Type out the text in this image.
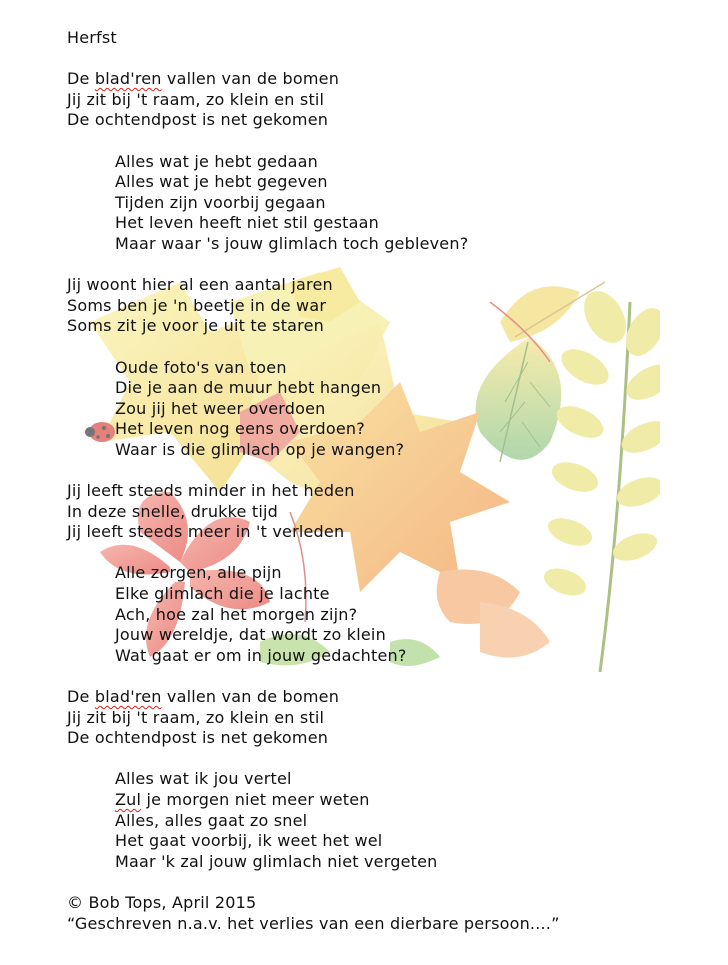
Herfst
De blad'ren vallen van de bomen
Jij zit bij 't raam, zo klein en stil
De ochtendpost is net gekomen
Alles wat je hebt gedaan
Alles wat je hebt gegeven
Tijden zijn voorbij gegaan
Het leven heeft niet stil gestaan
Maar waar 's jouw glimlach toch gebleven?
Jij woont hier al een aantal jaren
Soms ben je 'n beetje in de war
Soms zit je voor je uit te staren
Oude foto's van toen
Die je aan de muur hebt hangen
Zou jij het weer overdoen
Het leven nog eens overdoen?
Waar is die glimlach op je wangen?
Jij leeft steeds minder in het heden
In deze snelle, drukke tijd
Jij leeft steeds meer in 't verleden
Alle zorgen, alle pijn
Elke glimlach die je lachte
Ach, hoe zal het morgen zijn?
Jouw wereldje, dat wordt zo klein
Wat gaat er om in jouw gedachten?
De blad'ren vallen van de bomen
Jij zit bij 't raam, zo klein en stil
De ochtendpost is net gekomen
Alles wat ik jou vertel
Zul je morgen niet meer weten
Alles, alles gaat zo snel
Het gaat voorbij, ik weet het wel
Maar 'k zal jouw glimlach niet vergeten
© Bob Tops, April 2015
“Geschreven n.a.v. het verlies van een dierbare persoon....”
